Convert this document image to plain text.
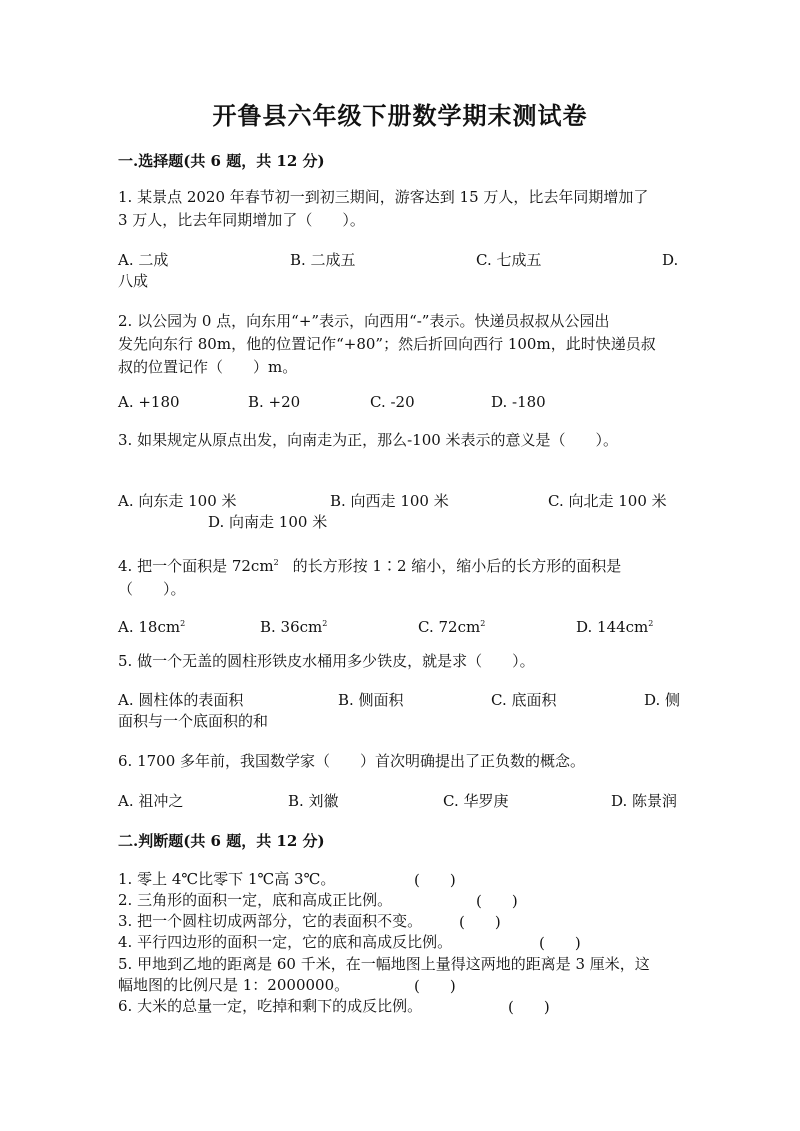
开鲁县六年级下册数学期末测试卷
一.选择题(共 6 题，共 12 分)
1. 某景点 2020 年春节初一到初三期间，游客达到 15 万人，比去年同期增加了
3 万人，比去年同期增加了（　　）。
A. 二成	B. 二成五	C. 七成五	D.
八成
2. 以公园为 0 点，向东用“+”表示，向西用“-”表示。快递员叔叔从公园出
发先向东行 80m，他的位置记作“+80”；然后折回向西行 100m，此时快递员叔
叔的位置记作（　　）m。
A. +180	B. +20	C. -20	D. -180
3. 如果规定从原点出发，向南走为正，那么-100 米表示的意义是（　　）。
A. 向东走 100 米	B. 向西走 100 米	C. 向北走 100 米
D. 向南走 100 米
4. 把一个面积是 $72cm^2$ 的长方形按 1∶2 缩小，缩小后的长方形的面积是
（　　）。
A. $18cm^2$	B. $36cm^2$	C. $72cm^2$	D. $144cm^2$
5. 做一个无盖的圆柱形铁皮水桶用多少铁皮，就是求（　　）。
A. 圆柱体的表面积	B. 侧面积	C. 底面积	D. 侧
面积与一个底面积的和
6. 1700 多年前，我国数学家（　　）首次明确提出了正负数的概念。
A. 祖冲之	B. 刘徽	C. 华罗庚	D. 陈景润
二.判断题(共 6 题，共 12 分)
1. 零上 4℃比零下 1℃高 3℃。	(　　)
2. 三角形的面积一定，底和高成正比例。	(　　)
3. 把一个圆柱切成两部分，它的表面积不变。	(　　)
4. 平行四边形的面积一定，它的底和高成反比例。	(　　)
5. 甲地到乙地的距离是 60 千米，在一幅地图上量得这两地的距离是 3 厘米，这
幅地图的比例尺是 1：2000000。	(　　)
6. 大米的总量一定，吃掉和剩下的成反比例。	(　　)
